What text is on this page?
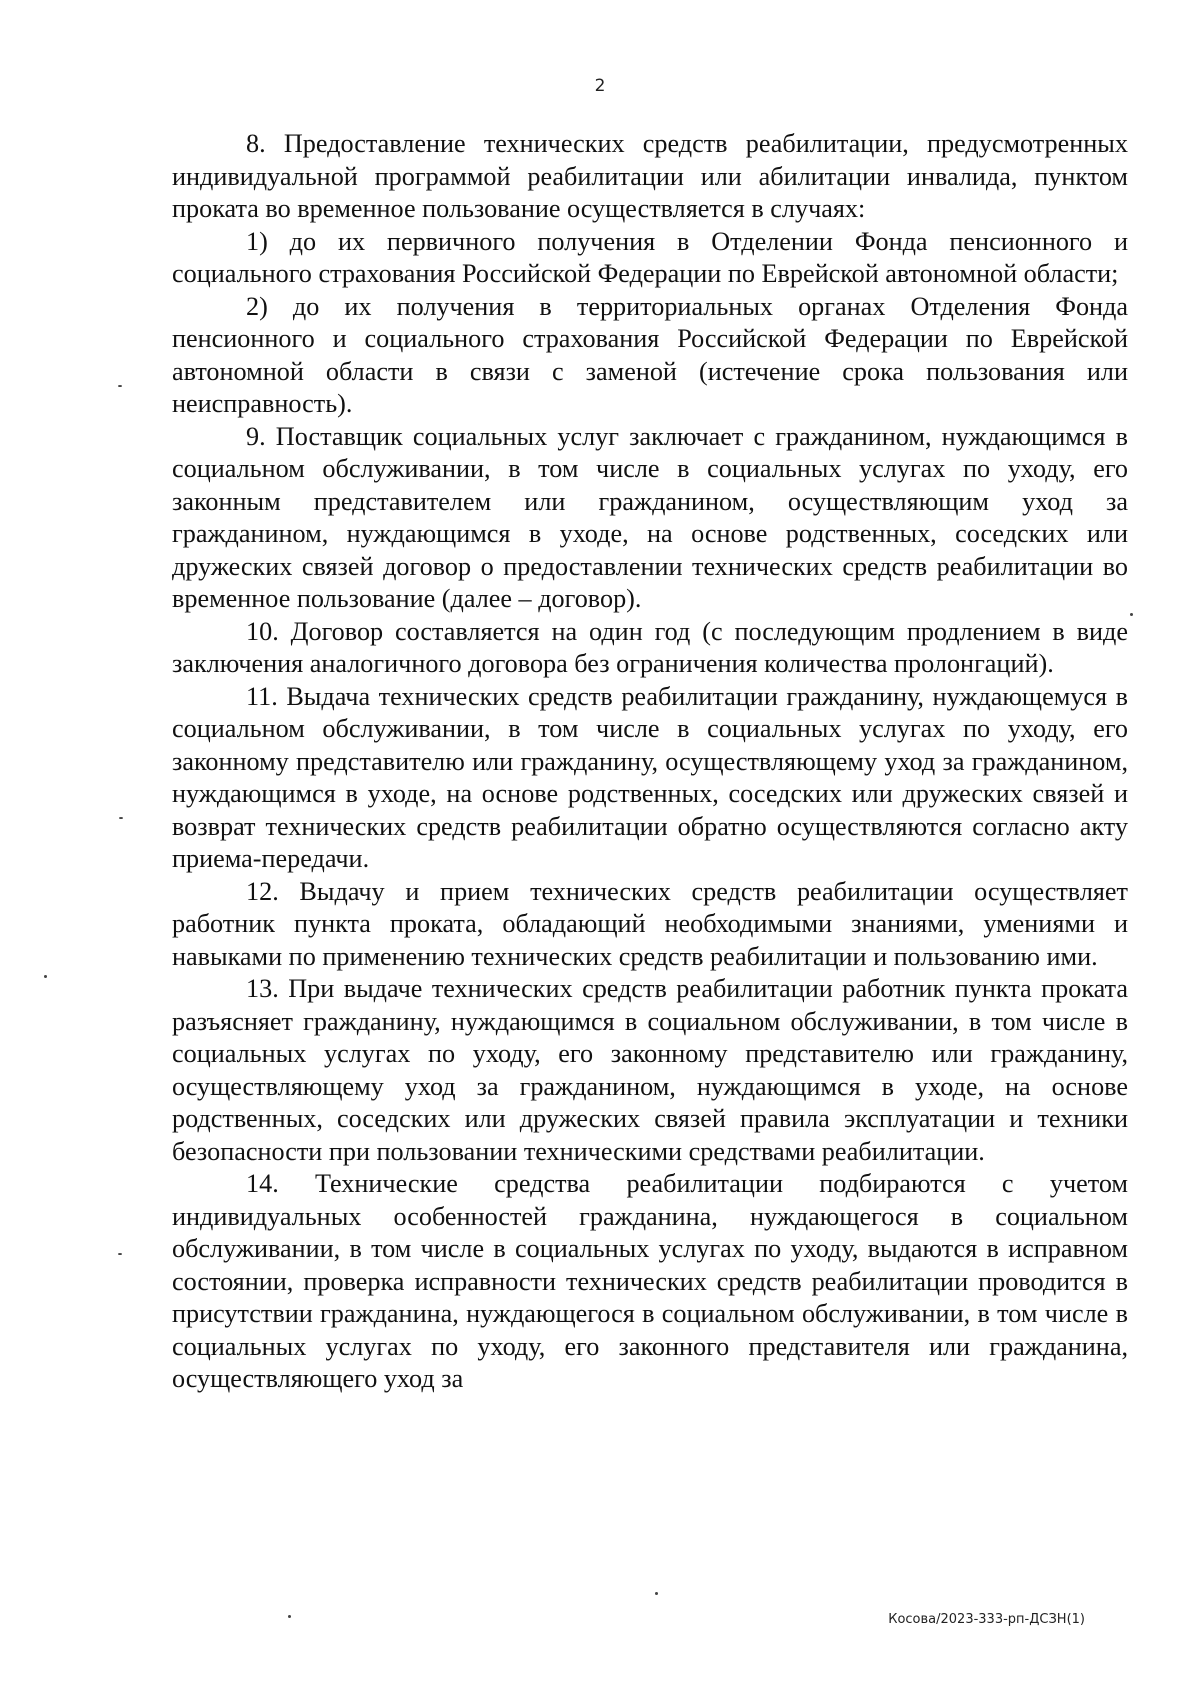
2

8. Предоставление технических средств реабилитации, предусмотренных индивидуальной программой реабилитации или абилитации инвалида, пунктом проката во временное пользование осуществляется в случаях:

1) до их первичного получения в Отделении Фонда пенсионного и социального страхования Российской Федерации по Еврейской автономной области;

2) до их получения в территориальных органах Отделения Фонда пенсионного и социального страхования Российской Федерации по Еврейской автономной области в связи с заменой (истечение срока пользования или неисправность).

9. Поставщик социальных услуг заключает с гражданином, нуждающимся в социальном обслуживании, в том числе в социальных услугах по уходу, его законным представителем или гражданином, осуществляющим уход за гражданином, нуждающимся в уходе, на основе родственных, соседских или дружеских связей договор о предоставлении технических средств реабилитации во временное пользование (далее – договор).

10. Договор составляется на один год (с последующим продлением в виде заключения аналогичного договора без ограничения количества пролонгаций).

11. Выдача технических средств реабилитации гражданину, нуждающемуся в социальном обслуживании, в том числе в социальных услугах по уходу, его законному представителю или гражданину, осуществляющему уход за гражданином, нуждающимся в уходе, на основе родственных, соседских или дружеских связей и возврат технических средств реабилитации обратно осуществляются согласно акту приема-передачи.

12. Выдачу и прием технических средств реабилитации осуществляет работник пункта проката, обладающий необходимыми знаниями, умениями и навыками по применению технических средств реабилитации и пользованию ими.

13. При выдаче технических средств реабилитации работник пункта проката разъясняет гражданину, нуждающимся в социальном обслуживании, в том числе в социальных услугах по уходу, его законному представителю или гражданину, осуществляющему уход за гражданином, нуждающимся в уходе, на основе родственных, соседских или дружеских связей правила эксплуатации и техники безопасности при пользовании техническими средствами реабилитации.

14. Технические средства реабилитации подбираются с учетом индивидуальных особенностей гражданина, нуждающегося в социальном обслуживании, в том числе в социальных услугах по уходу, выдаются в исправном состоянии, проверка исправности технических средств реабилитации проводится в присутствии гражданина, нуждающегося в социальном обслуживании, в том числе в социальных услугах по уходу, его законного представителя или гражданина, осуществляющего уход за

Косова/2023-333-рп-ДСЗН(1)
